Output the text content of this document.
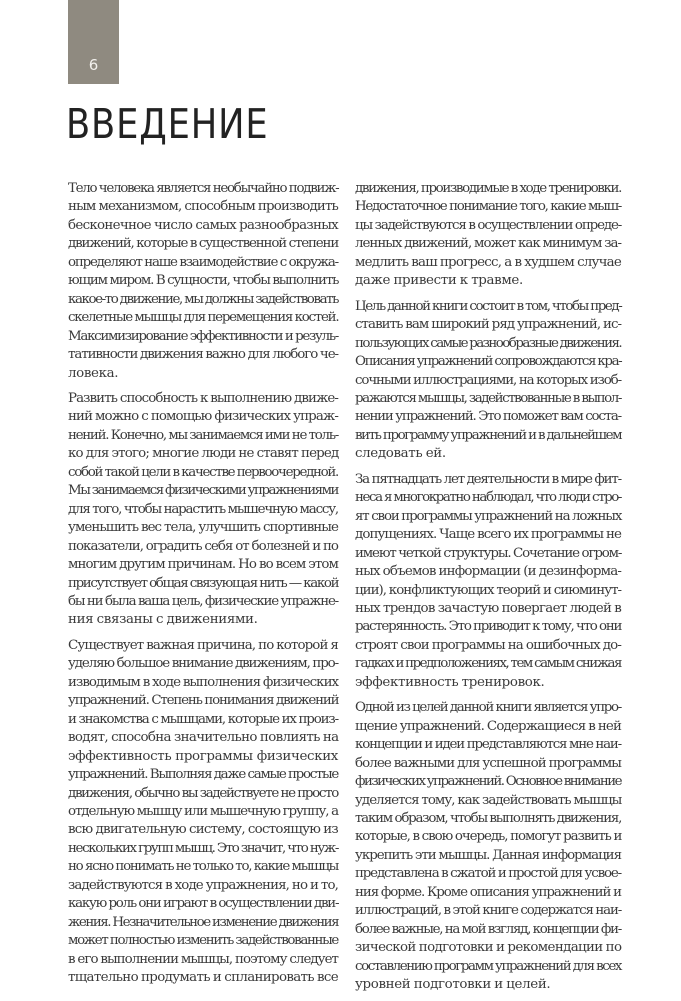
6
ВВЕДЕНИЕ

Тело человека является необычайно подвиж-
ным механизмом, способным производить
бесконечное число самых разнообразных
движений, которые в существенной степени
определяют наше взаимодействие с окружа-
ющим миром. В сущности, чтобы выполнить
какое-то движение, мы должны задействовать
скелетные мышцы для перемещения костей.
Максимизирование эффективности и резуль-
тативности движения важно для любого че-
ловека.

Развить способность к выполнению движе-
ний можно с помощью физических упраж-
нений. Конечно, мы занимаемся ими не толь-
ко для этого; многие люди не ставят перед
собой такой цели в качестве первоочередной.
Мы занимаемся физическими упражнениями
для того, чтобы нарастить мышечную массу,
уменьшить вес тела, улучшить спортивные
показатели, оградить себя от болезней и по
многим другим причинам. Но во всем этом
присутствует общая связующая нить — какой
бы ни была ваша цель, физические упражне-
ния связаны с движениями.

Существует важная причина, по которой я
уделяю большое внимание движениям, про-
изводимым в ходе выполнения физических
упражнений. Степень понимания движений
и знакомства с мышцами, которые их произ-
водят, способна значительно повлиять на
эффективность программы физических
упражнений. Выполняя даже самые простые
движения, обычно вы задействуете не просто
отдельную мышцу или мышечную группу, а
всю двигательную систему, состоящую из
нескольких групп мышц. Это значит, что нуж-
но ясно понимать не только то, какие мышцы
задействуются в ходе упражнения, но и то,
какую роль они играют в осуществлении дви-
жения. Незначительное изменение движения
может полностью изменить задействованные
в его выполнении мышцы, поэтому следует
тщательно продумать и спланировать все

движения, производимые в ходе тренировки.
Недостаточное понимание того, какие мыш-
цы задействуются в осуществлении опреде-
ленных движений, может как минимум за-
медлить ваш прогресс, а в худшем случае
даже привести к травме.

Цель данной книги состоит в том, чтобы пред-
ставить вам широкий ряд упражнений, ис-
пользующих самые разнообразные движения.
Описания упражнений сопровождаются кра-
сочными иллюстрациями, на которых изоб-
ражаются мышцы, задействованные в выпол-
нении упражнений. Это поможет вам соста-
вить программу упражнений и в дальнейшем
следовать ей.

За пятнадцать лет деятельности в мире фит-
неса я многократно наблюдал, что люди стро-
ят свои программы упражнений на ложных
допущениях. Чаще всего их программы не
имеют четкой структуры. Сочетание огром-
ных объемов информации (и дезинформа-
ции), конфликтующих теорий и сиюминут-
ных трендов зачастую повергает людей в
растерянность. Это приводит к тому, что они
строят свои программы на ошибочных до-
гадках и предположениях, тем самым снижая
эффективность тренировок.

Одной из целей данной книги является упро-
щение упражнений. Содержащиеся в ней
концепции и идеи представляются мне наи-
более важными для успешной программы
физических упражнений. Основное внимание
уделяется тому, как задействовать мышцы
таким образом, чтобы выполнять движения,
которые, в свою очередь, помогут развить и
укрепить эти мышцы. Данная информация
представлена в сжатой и простой для усвое-
ния форме. Кроме описания упражнений и
иллюстраций, в этой книге содержатся наи-
более важные, на мой взгляд, концепции фи-
зической подготовки и рекомендации по
составлению программ упражнений для всех
уровней подготовки и целей.
